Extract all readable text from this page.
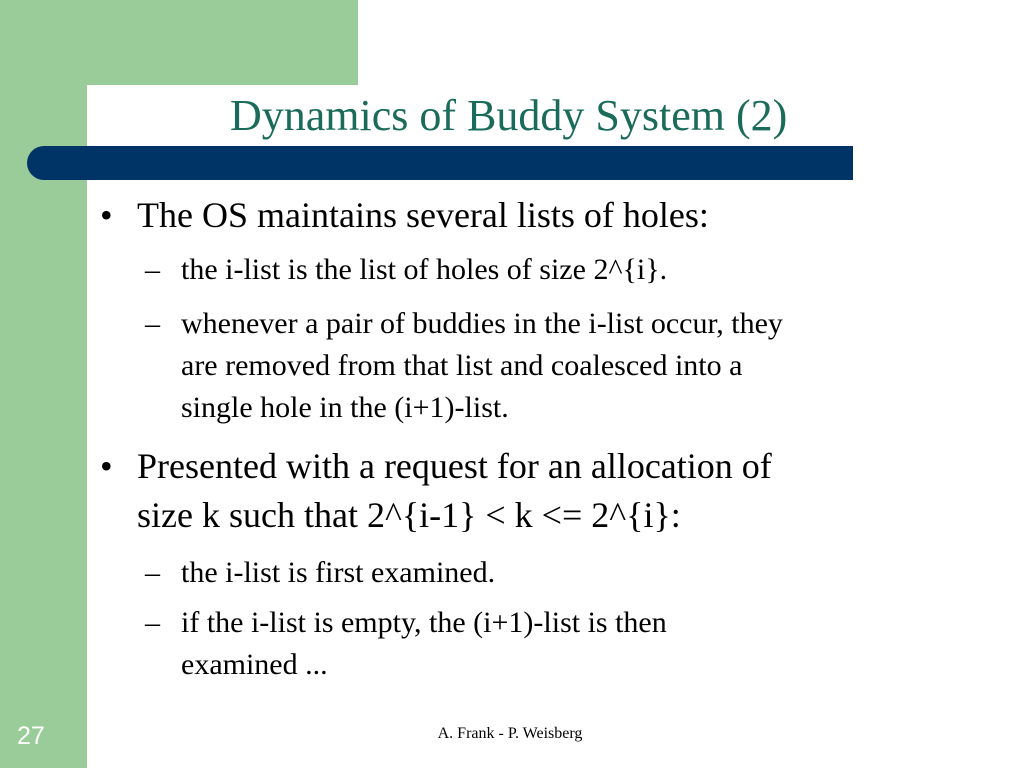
Dynamics of Buddy System (2)
• The OS maintains several lists of holes:
– the i-list is the list of holes of size 2^{i}.
– whenever a pair of buddies in the i-list occur, they
are removed from that list and coalesced into a
single hole in the (i+1)-list.
• Presented with a request for an allocation of
size k such that 2^{i-1} < k <= 2^{i}:
– the i-list is first examined.
– if the i-list is empty, the (i+1)-list is then
examined ...
A. Frank - P. Weisberg
27
